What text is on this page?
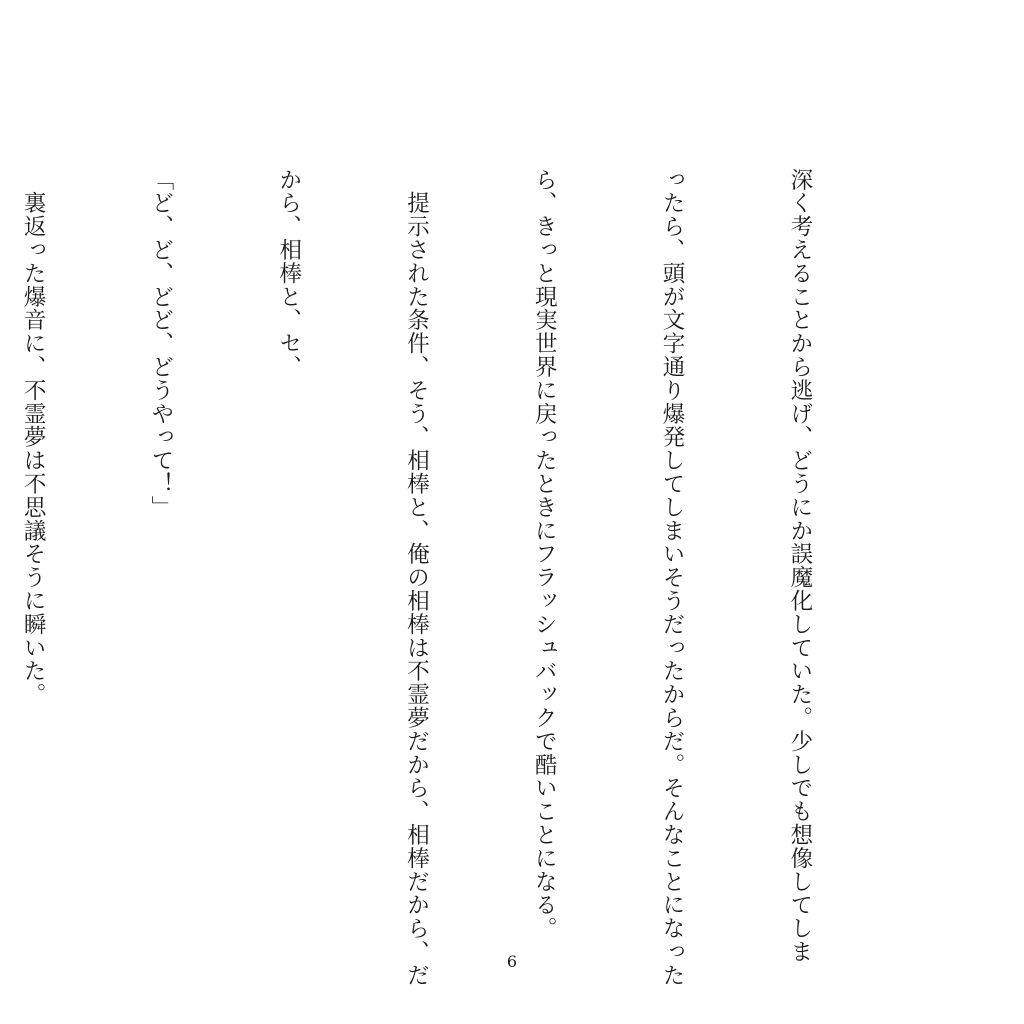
深く考えることから逃げ、どうにか誤魔化していた。少しでも想像してしま

ったら、頭が文字通り爆発してしまいそうだったからだ。そんなことになった

ら、きっと現実世界に戻ったときにフラッシュバックで酷いことになる。

　提示された条件、そう、相棒と、俺の相棒は不霊夢だから、相棒だから、だ

から、相棒と、セ、

「ど、ど、どど、どうやって！」

　裏返った爆音に、不霊夢は不思議そうに瞬いた。

6
